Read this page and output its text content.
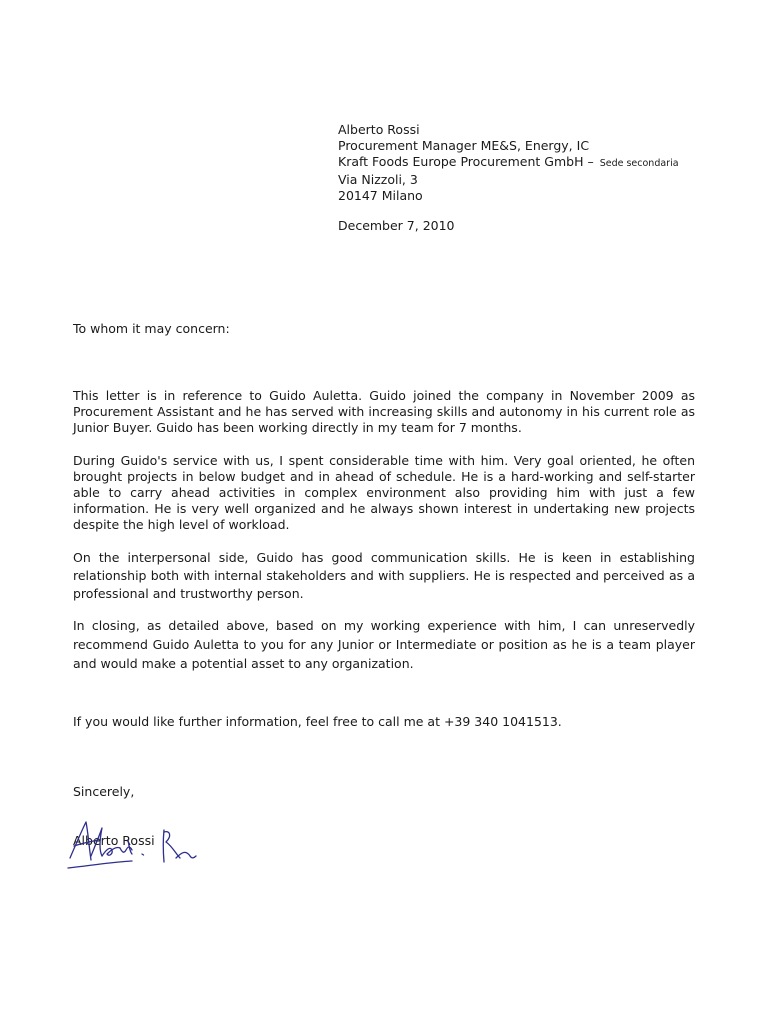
Alberto Rossi
Procurement Manager ME&S, Energy, IC
Kraft Foods Europe Procurement GmbH – Sede secondaria
Via Nizzoli, 3
20147 Milano
December 7, 2010
To whom it may concern:
This letter is in reference to Guido Auletta. Guido joined the company in November 2009 as Procurement Assistant and he has served with increasing skills and autonomy in his current role as Junior Buyer. Guido has been working directly in my team for 7 months.
During Guido's service with us, I spent considerable time with him. Very goal oriented, he often brought projects in below budget and in ahead of schedule. He is a hard-working and self-starter able to carry ahead activities in complex environment also providing him with just a few information. He is very well organized and he always shown interest in undertaking new projects despite the high level of workload.
On the interpersonal side, Guido has good communication skills. He is keen in establishing relationship both with internal stakeholders and with suppliers. He is respected and perceived as a professional and trustworthy person.
In closing, as detailed above, based on my working experience with him, I can unreservedly recommend Guido Auletta to you for any Junior or Intermediate or position as he is a team player and would make a potential asset to any organization.
If you would like further information, feel free to call me at +39 340 1041513.
Sincerely,
Alberto Rossi
